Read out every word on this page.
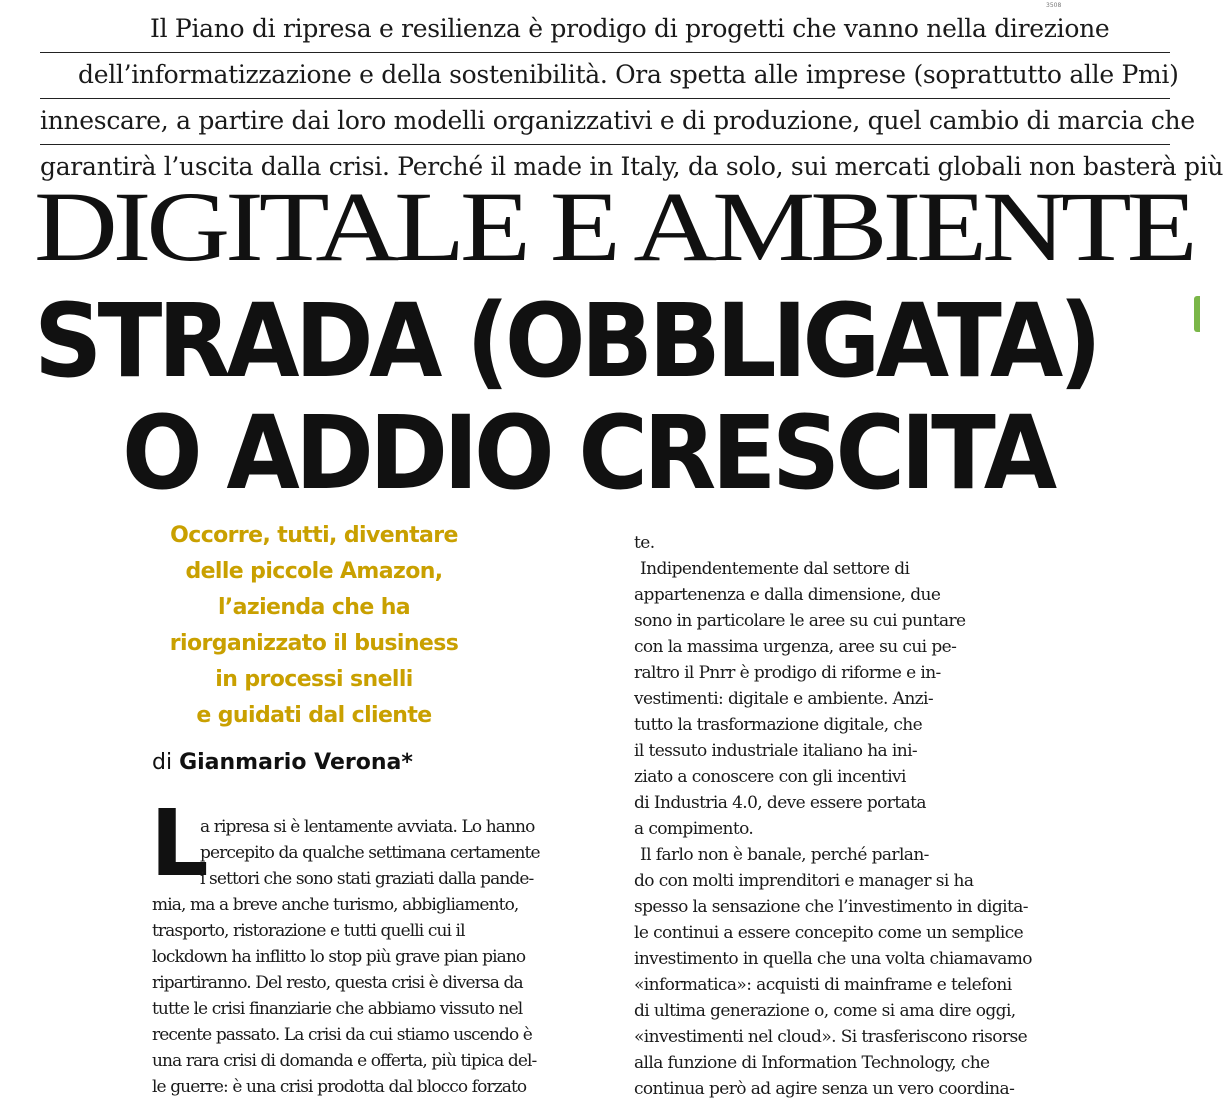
3508
Il Piano di ripresa e resilienza è prodigo di progetti che vanno nella direzione
dell’informatizzazione e della sostenibilità. Ora spetta alle imprese (soprattutto alle Pmi)
innescare, a partire dai loro modelli organizzativi e di produzione, quel cambio di marcia che
garantirà l’uscita dalla crisi. Perché il made in Italy, da solo, sui mercati globali non basterà più
DIGITALE E AMBIENTE
STRADA (OBBLIGATA)
O ADDIO CRESCITA
Occorre, tutti, diventare
delle piccole Amazon,
l’azienda che ha
riorganizzato il business
in processi snelli
e guidati dal cliente
di Gianmario Verona*
L
a ripresa si è lentamente avviata. Lo hanno
percepito da qualche settimana certamente
i settori che sono stati graziati dalla pande-
mia, ma a breve anche turismo, abbigliamento,
trasporto, ristorazione e tutti quelli cui il
lockdown ha inflitto lo stop più grave pian piano
ripartiranno. Del resto, questa crisi è diversa da
tutte le crisi finanziarie che abbiamo vissuto nel
recente passato. La crisi da cui stiamo uscendo è
una rara crisi di domanda e offerta, più tipica del-
le guerre: è una crisi prodotta dal blocco forzato
te.
Indipendentemente dal settore di
appartenenza e dalla dimensione, due
sono in particolare le aree su cui puntare
con la massima urgenza, aree su cui pe-
raltro il Pnrr è prodigo di riforme e in-
vestimenti: digitale e ambiente. Anzi-
tutto la trasformazione digitale, che
il tessuto industriale italiano ha ini-
ziato a conoscere con gli incentivi
di Industria 4.0, deve essere portata
a compimento.
Il farlo non è banale, perché parlan-
do con molti imprenditori e manager si ha
spesso la sensazione che l’investimento in digita-
le continui a essere concepito come un semplice
investimento in quella che una volta chiamavamo
«informatica»: acquisti di mainframe e telefoni
di ultima generazione o, come si ama dire oggi,
«investimenti nel cloud». Si trasferiscono risorse
alla funzione di Information Technology, che
continua però ad agire senza un vero coordina-
